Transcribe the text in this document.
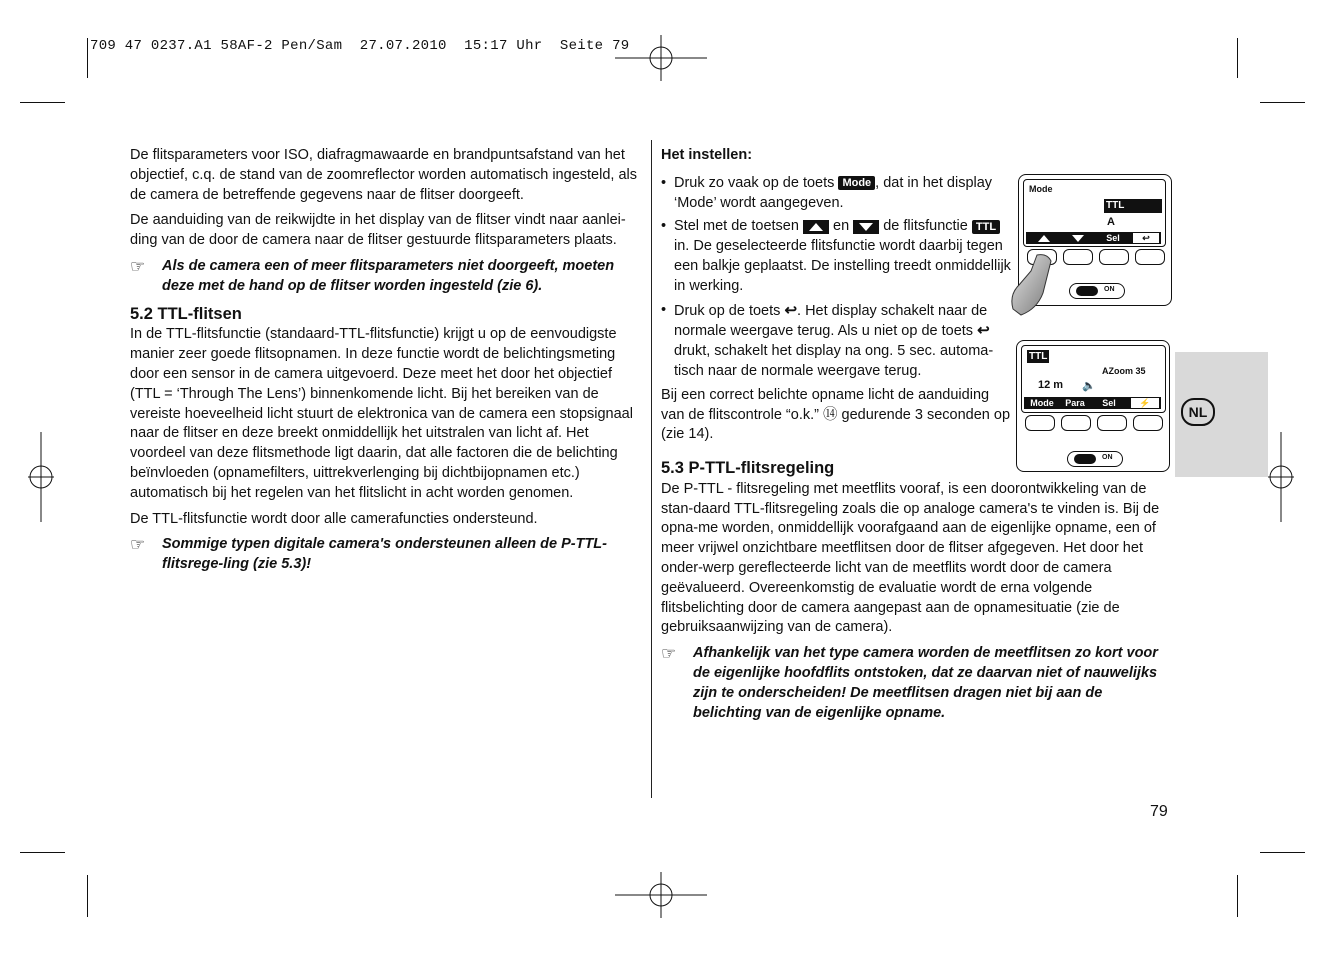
709 47 0237.A1 58AF-2 Pen/Sam  27.07.2010  15:17 Uhr  Seite 79

De flitsparameters voor ISO, diafragmawaarde en brandpuntsafstand van het objectief, c.q. de stand van de zoomreflector worden automatisch ingesteld, als de camera de betreffende gegevens naar de flitser doorgeeft.

De aanduiding van de reikwijdte in het display van de flitser vindt naar aanlei-ding van de door de camera naar de flitser gestuurde flitsparameters plaats.

☞	Als de camera een of meer flitsparameters niet doorgeeft, moeten deze met de hand op de flitser worden ingesteld (zie 6).
5.2 TTL-flitsen

In de TTL-flitsfunctie (standaard-TTL-flitsfunctie) krijgt u op de eenvoudigste manier zeer goede flitsopnamen. In deze functie wordt de belichtingsmeting door een sensor in de camera uitgevoerd. Deze meet het door het objectief (TTL = ‘Through The Lens’) binnenkomende licht. Bij het bereiken van de vereiste hoeveelheid licht stuurt de elektronica van de camera een stopsignaal naar de flitser en deze breekt onmiddellijk het uitstralen van licht af. Het voordeel van deze flitsmethode ligt daarin, dat alle factoren die de belichting beïnvloeden (opnamefilters, uittrekverlenging bij dichtbijopnamen etc.) automatisch bij het regelen van het flitslicht in acht worden genomen.

De TTL-flitsfunctie wordt door alle camerafuncties ondersteund.

☞	Sommige typen digitale camera's ondersteunen alleen de P-TTL-flitsrege-ling (zie 5.3)!
Het instellen:
• Druk zo vaak op de toets Mode , dat in het display ‘Mode’ wordt aangegeven.
• Stel met de toetsen en de flitsfunctie TTL in. De geselecteerde flitsfunctie wordt daarbij tegen een balkje geplaatst. De instelling treedt onmiddellijk in werking.
• Druk op de toets ↩. Het display schakelt naar de normale weergave terug. Als u niet op de toets ↩ drukt, schakelt het display na ong. 5 sec. automa-tisch naar de normale weergave terug.

Bij een correct belichte opname licht de aanduiding van de flitscontrole “o.k.” ⑭ gedurende 3 seconden op (zie 14).

5.3 P-TTL-flitsregeling

De P-TTL - flitsregeling met meetflits vooraf, is een doorontwikkeling van de stan-daard TTL-flitsregeling zoals die op analoge camera's te vinden is. Bij de opna-me worden, onmiddellijk voorafgaand aan de eigenlijke opname, een of meer vrijwel onzichtbare meetflitsen door de flitser afgegeven. Het door het onder-werp gereflecteerde licht van de meetflits wordt door de camera geëvalueerd. Overeenkomstig de evaluatie wordt de erna volgende flitsbelichting door de camera aangepast aan de opnamesituatie (zie de gebruiksaanwijzing van de camera).

☞	Afhankelijk van het type camera worden de meetflitsen zo kort voor de eigenlijke hoofdflits ontstoken, dat ze daarvan niet of nauwelijks zijn te onderscheiden! De meetflitsen dragen niet bij aan de belichting van de eigenlijke opname.
Mode
TTL
A
Sel	↩
ON
TTL
AZoom 35
12 m 🔈
Mode	Para	Sel	⚡
ON
NL
79
